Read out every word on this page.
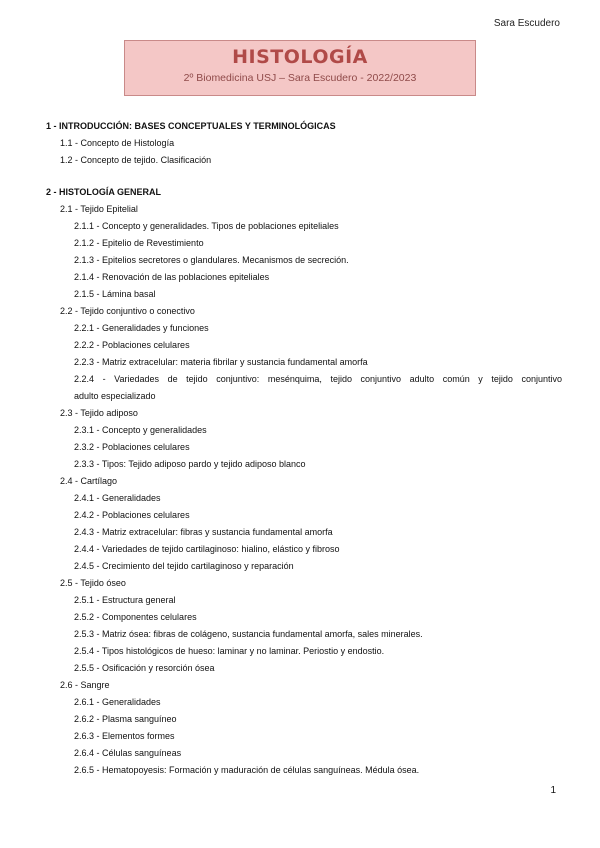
Sara Escudero
HISTOLOGÍA
2º Biomedicina USJ – Sara Escudero - 2022/2023
1 - INTRODUCCIÓN: BASES CONCEPTUALES Y TERMINOLÓGICAS
1.1 - Concepto de Histología
1.2 - Concepto de tejido. Clasificación
2 - HISTOLOGÍA GENERAL
2.1 - Tejido Epitelial
2.1.1 - Concepto y generalidades. Tipos de poblaciones epiteliales
2.1.2 - Epitelio de Revestimiento
2.1.3 - Epitelios secretores o glandulares. Mecanismos de secreción.
2.1.4 - Renovación de las poblaciones epiteliales
2.1.5 - Lámina basal
2.2 - Tejido conjuntivo o conectivo
2.2.1 - Generalidades y funciones
2.2.2 - Poblaciones celulares
2.2.3 - Matriz extracelular: materia fibrilar y sustancia fundamental amorfa
2.2.4 - Variedades de tejido conjuntivo: mesénquima, tejido conjuntivo adulto común y tejido conjuntivo
adulto especializado
2.3 - Tejido adiposo
2.3.1 - Concepto y generalidades
2.3.2 - Poblaciones celulares
2.3.3 - Tipos: Tejido adiposo pardo y tejido adiposo blanco
2.4 - Cartílago
2.4.1 - Generalidades
2.4.2 - Poblaciones celulares
2.4.3 - Matriz extracelular: fibras y sustancia fundamental amorfa
2.4.4 - Variedades de tejido cartilaginoso: hialino, elástico y fibroso
2.4.5 - Crecimiento del tejido cartilaginoso y reparación
2.5 - Tejido óseo
2.5.1 - Estructura general
2.5.2 - Componentes celulares
2.5.3 - Matriz ósea: fibras de colágeno, sustancia fundamental amorfa, sales minerales.
2.5.4 - Tipos histológicos de hueso: laminar y no laminar. Periostio y endostio.
2.5.5 - Osificación y resorción ósea
2.6 - Sangre
2.6.1 - Generalidades
2.6.2 - Plasma sanguíneo
2.6.3 - Elementos formes
2.6.4 - Células sanguíneas
2.6.5 - Hematopoyesis: Formación y maduración de células sanguíneas. Médula ósea.
1
